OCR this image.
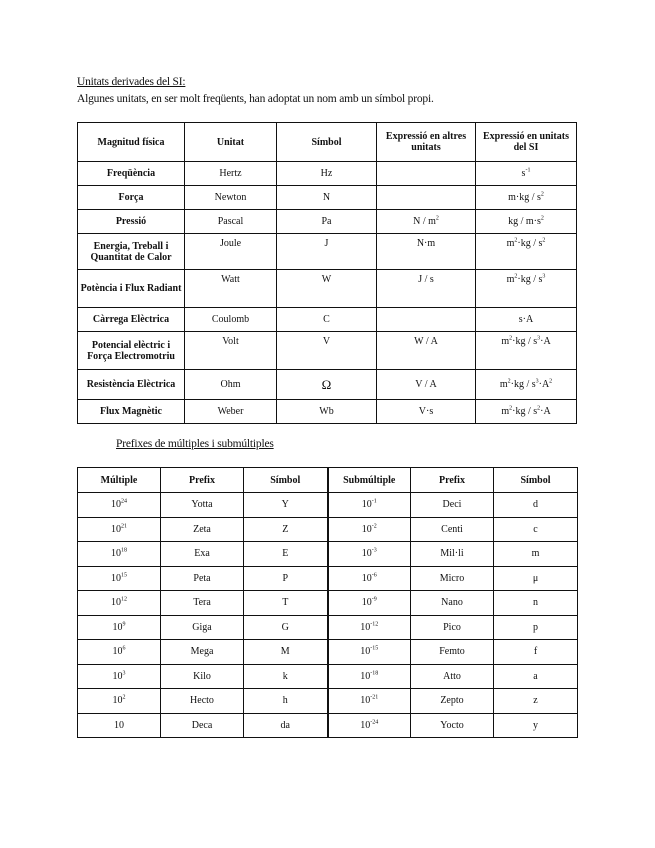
Unitats derivades del SI:
Algunes unitats, en ser molt freqüents, han adoptat un nom amb un símbol propi.
Magnitud física	Unitat	Símbol	Expressió en altres unitats	Expressió en unitats del SI
Freqüència	Hertz	Hz		$s^{-1}$
Força	Newton	N		$m\cdot kg / s^2$
Pressió	Pascal	Pa	N / $m^2$	kg / $m\cdot s^2$
Energia, Treball i Quantitat de Calor	Joule	J	N·m	$m^2\cdot kg / s^2$
Potència i Flux Radiant	Watt	W	J / s	$m^2\cdot kg / s^3$
Càrrega Elèctrica	Coulomb	C		s·A
Potencial elèctric i Força Electromotriu	Volt	V	W / A	$m^2\cdot kg / s^3\cdot A$
Resistència Elèctrica	Ohm	Ω	V / A	$m^2\cdot kg / s^3\cdot A^2$
Flux Magnètic	Weber	Wb	V·s	$m^2\cdot kg / s^2\cdot A$
Prefixes de múltiples i submúltiples
Múltiple	Prefix	Símbol	Submúltiple	Prefix	Símbol
$10^{24}$	Yotta	Y	$10^{-1}$	Deci	d
$10^{21}$	Zeta	Z	$10^{-2}$	Centi	c
$10^{18}$	Exa	E	$10^{-3}$	Mil·li	m
$10^{15}$	Peta	P	$10^{-6}$	Micro	μ
$10^{12}$	Tera	T	$10^{-9}$	Nano	n
$10^9$	Giga	G	$10^{-12}$	Pico	p
$10^6$	Mega	M	$10^{-15}$	Femto	f
$10^3$	Kilo	k	$10^{-18}$	Atto	a
$10^2$	Hecto	h	$10^{-21}$	Zepto	z
10	Deca	da	$10^{-24}$	Yocto	y
